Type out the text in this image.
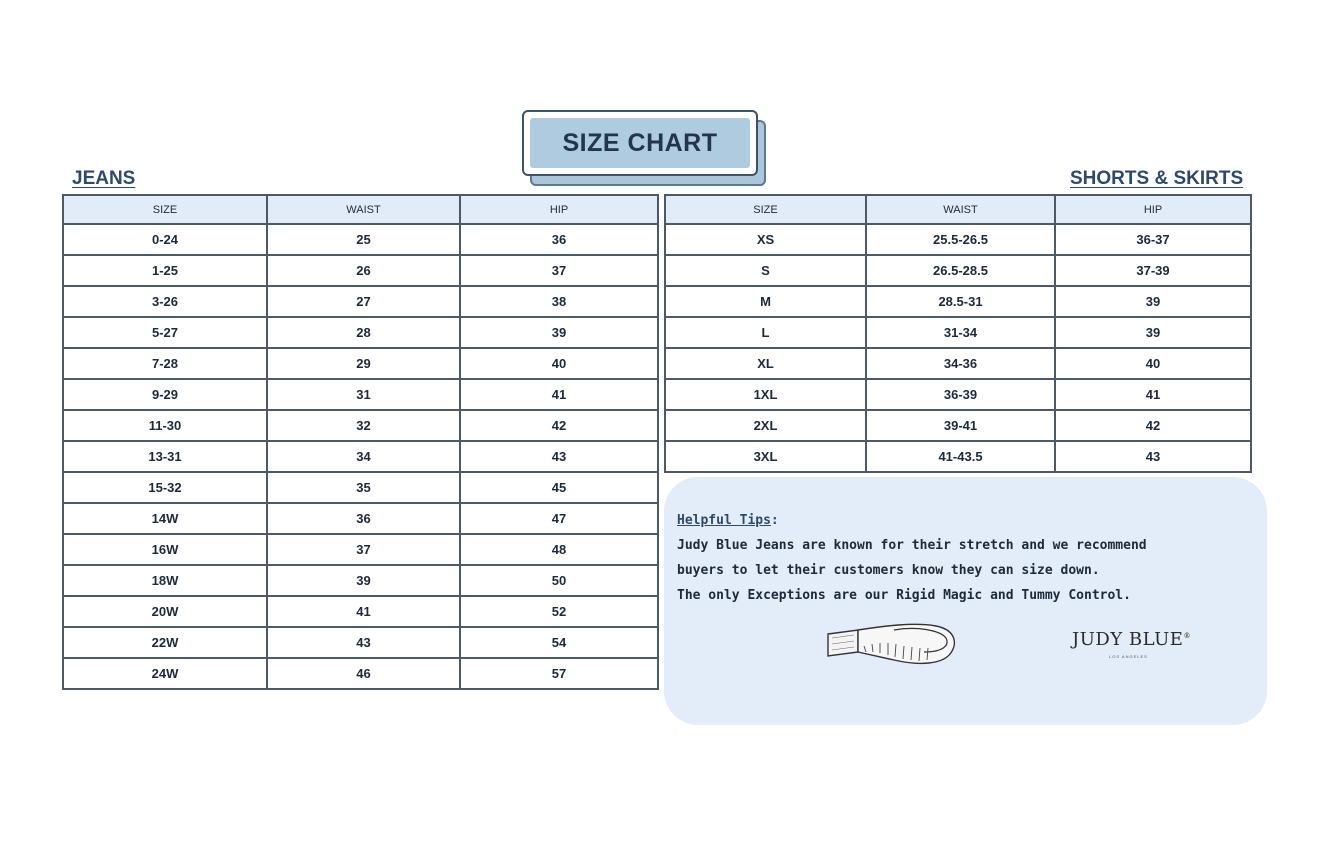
SIZE CHART
JEANS	SHORTS & SKIRTS
SIZE	WAIST	HIP
0-24	25	36
1-25	26	37
3-26	27	38
5-27	28	39
7-28	29	40
9-29	31	41
11-30	32	42
13-31	34	43
15-32	35	45
14W	36	47
16W	37	48
18W	39	50
20W	41	52
22W	43	54
24W	46	57
SIZE	WAIST	HIP
XS	25.5-26.5	36-37
S	26.5-28.5	37-39
M	28.5-31	39
L	31-34	39
XL	34-36	40
1XL	36-39	41
2XL	39-41	42
3XL	41-43.5	43
Helpful Tips:
Judy Blue Jeans are known for their stretch and we recommend
buyers to let their customers know they can size down.
The only Exceptions are our Rigid Magic and Tummy Control.
JUDY BLUE®
LOS ANGELES
